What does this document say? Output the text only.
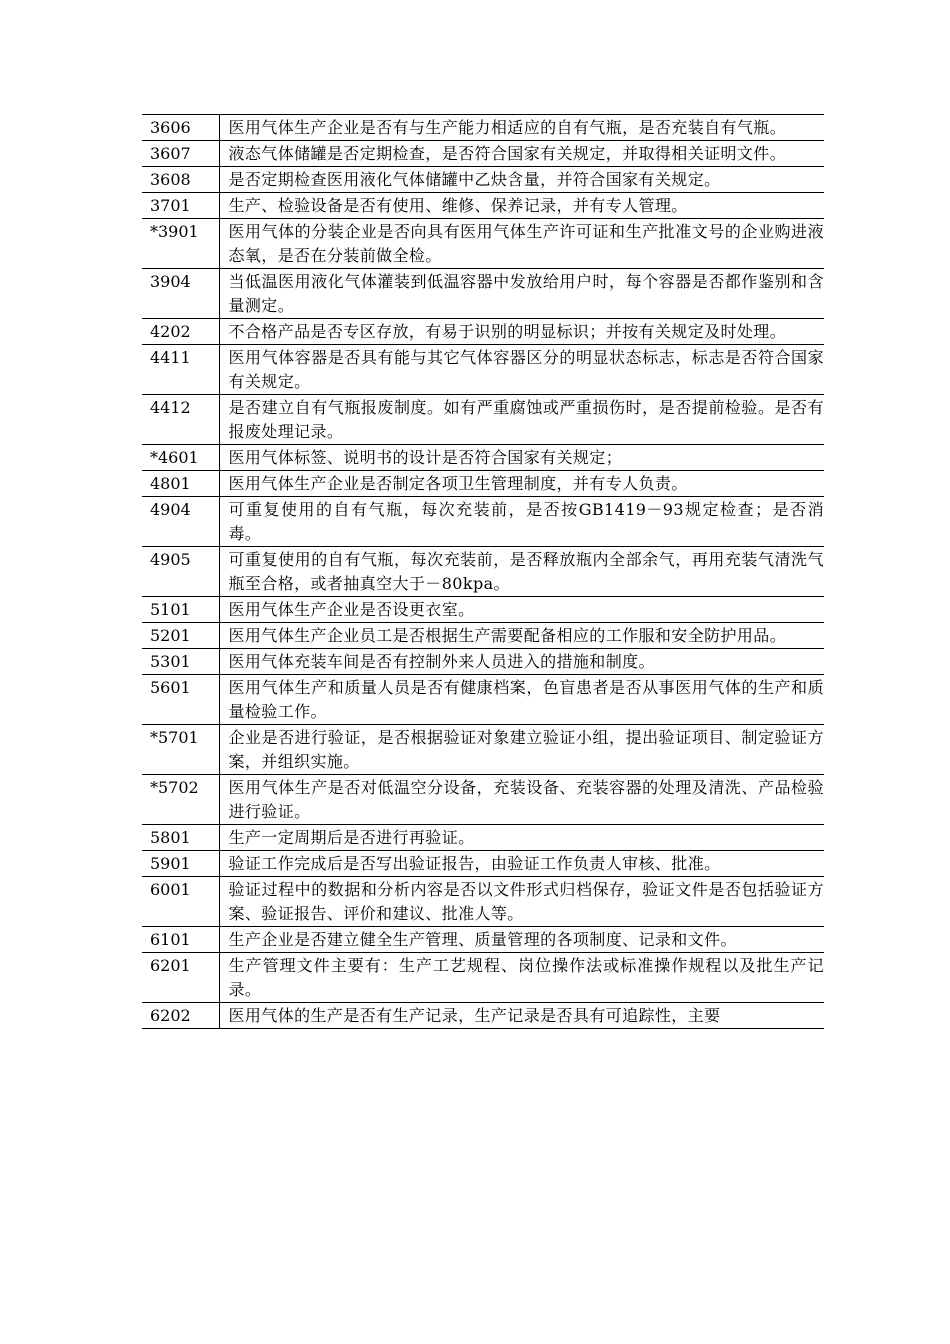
3606	医用气体生产企业是否有与生产能力相适应的自有气瓶，是否充装自有气瓶。
3607	液态气体储罐是否定期检查，是否符合国家有关规定，并取得相关证明文件。
3608	是否定期检查医用液化气体储罐中乙炔含量，并符合国家有关规定。
3701	生产、检验设备是否有使用、维修、保养记录，并有专人管理。
*3901	医用气体的分装企业是否向具有医用气体生产许可证和生产批准文号的企业购进液态氧，是否在分装前做全检。
3904	当低温医用液化气体灌装到低温容器中发放给用户时，每个容器是否都作鉴别和含量测定。
4202	不合格产品是否专区存放，有易于识别的明显标识；并按有关规定及时处理。
4411	医用气体容器是否具有能与其它气体容器区分的明显状态标志，标志是否符合国家有关规定。
4412	是否建立自有气瓶报废制度。如有严重腐蚀或严重损伤时，是否提前检验。是否有报废处理记录。
*4601	医用气体标签、说明书的设计是否符合国家有关规定；
4801	医用气体生产企业是否制定各项卫生管理制度，并有专人负责。
4904	可重复使用的自有气瓶，每次充装前，是否按GB1419－93规定检查；是否消毒。
4905	可重复使用的自有气瓶，每次充装前，是否释放瓶内全部余气，再用充装气清洗气瓶至合格，或者抽真空大于－80kpa。
5101	医用气体生产企业是否设更衣室。
5201	医用气体生产企业员工是否根据生产需要配备相应的工作服和安全防护用品。
5301	医用气体充装车间是否有控制外来人员进入的措施和制度。
5601	医用气体生产和质量人员是否有健康档案，色盲患者是否从事医用气体的生产和质量检验工作。
*5701	企业是否进行验证，是否根据验证对象建立验证小组，提出验证项目、制定验证方案，并组织实施。
*5702	医用气体生产是否对低温空分设备，充装设备、充装容器的处理及清洗、产品检验进行验证。
5801	生产一定周期后是否进行再验证。
5901	验证工作完成后是否写出验证报告，由验证工作负责人审核、批准。
6001	验证过程中的数据和分析内容是否以文件形式归档保存，验证文件是否包括验证方案、验证报告、评价和建议、批准人等。
6101	生产企业是否建立健全生产管理、质量管理的各项制度、记录和文件。
6201	生产管理文件主要有：生产工艺规程、岗位操作法或标准操作规程以及批生产记录。
6202	医用气体的生产是否有生产记录，生产记录是否具有可追踪性，主要
